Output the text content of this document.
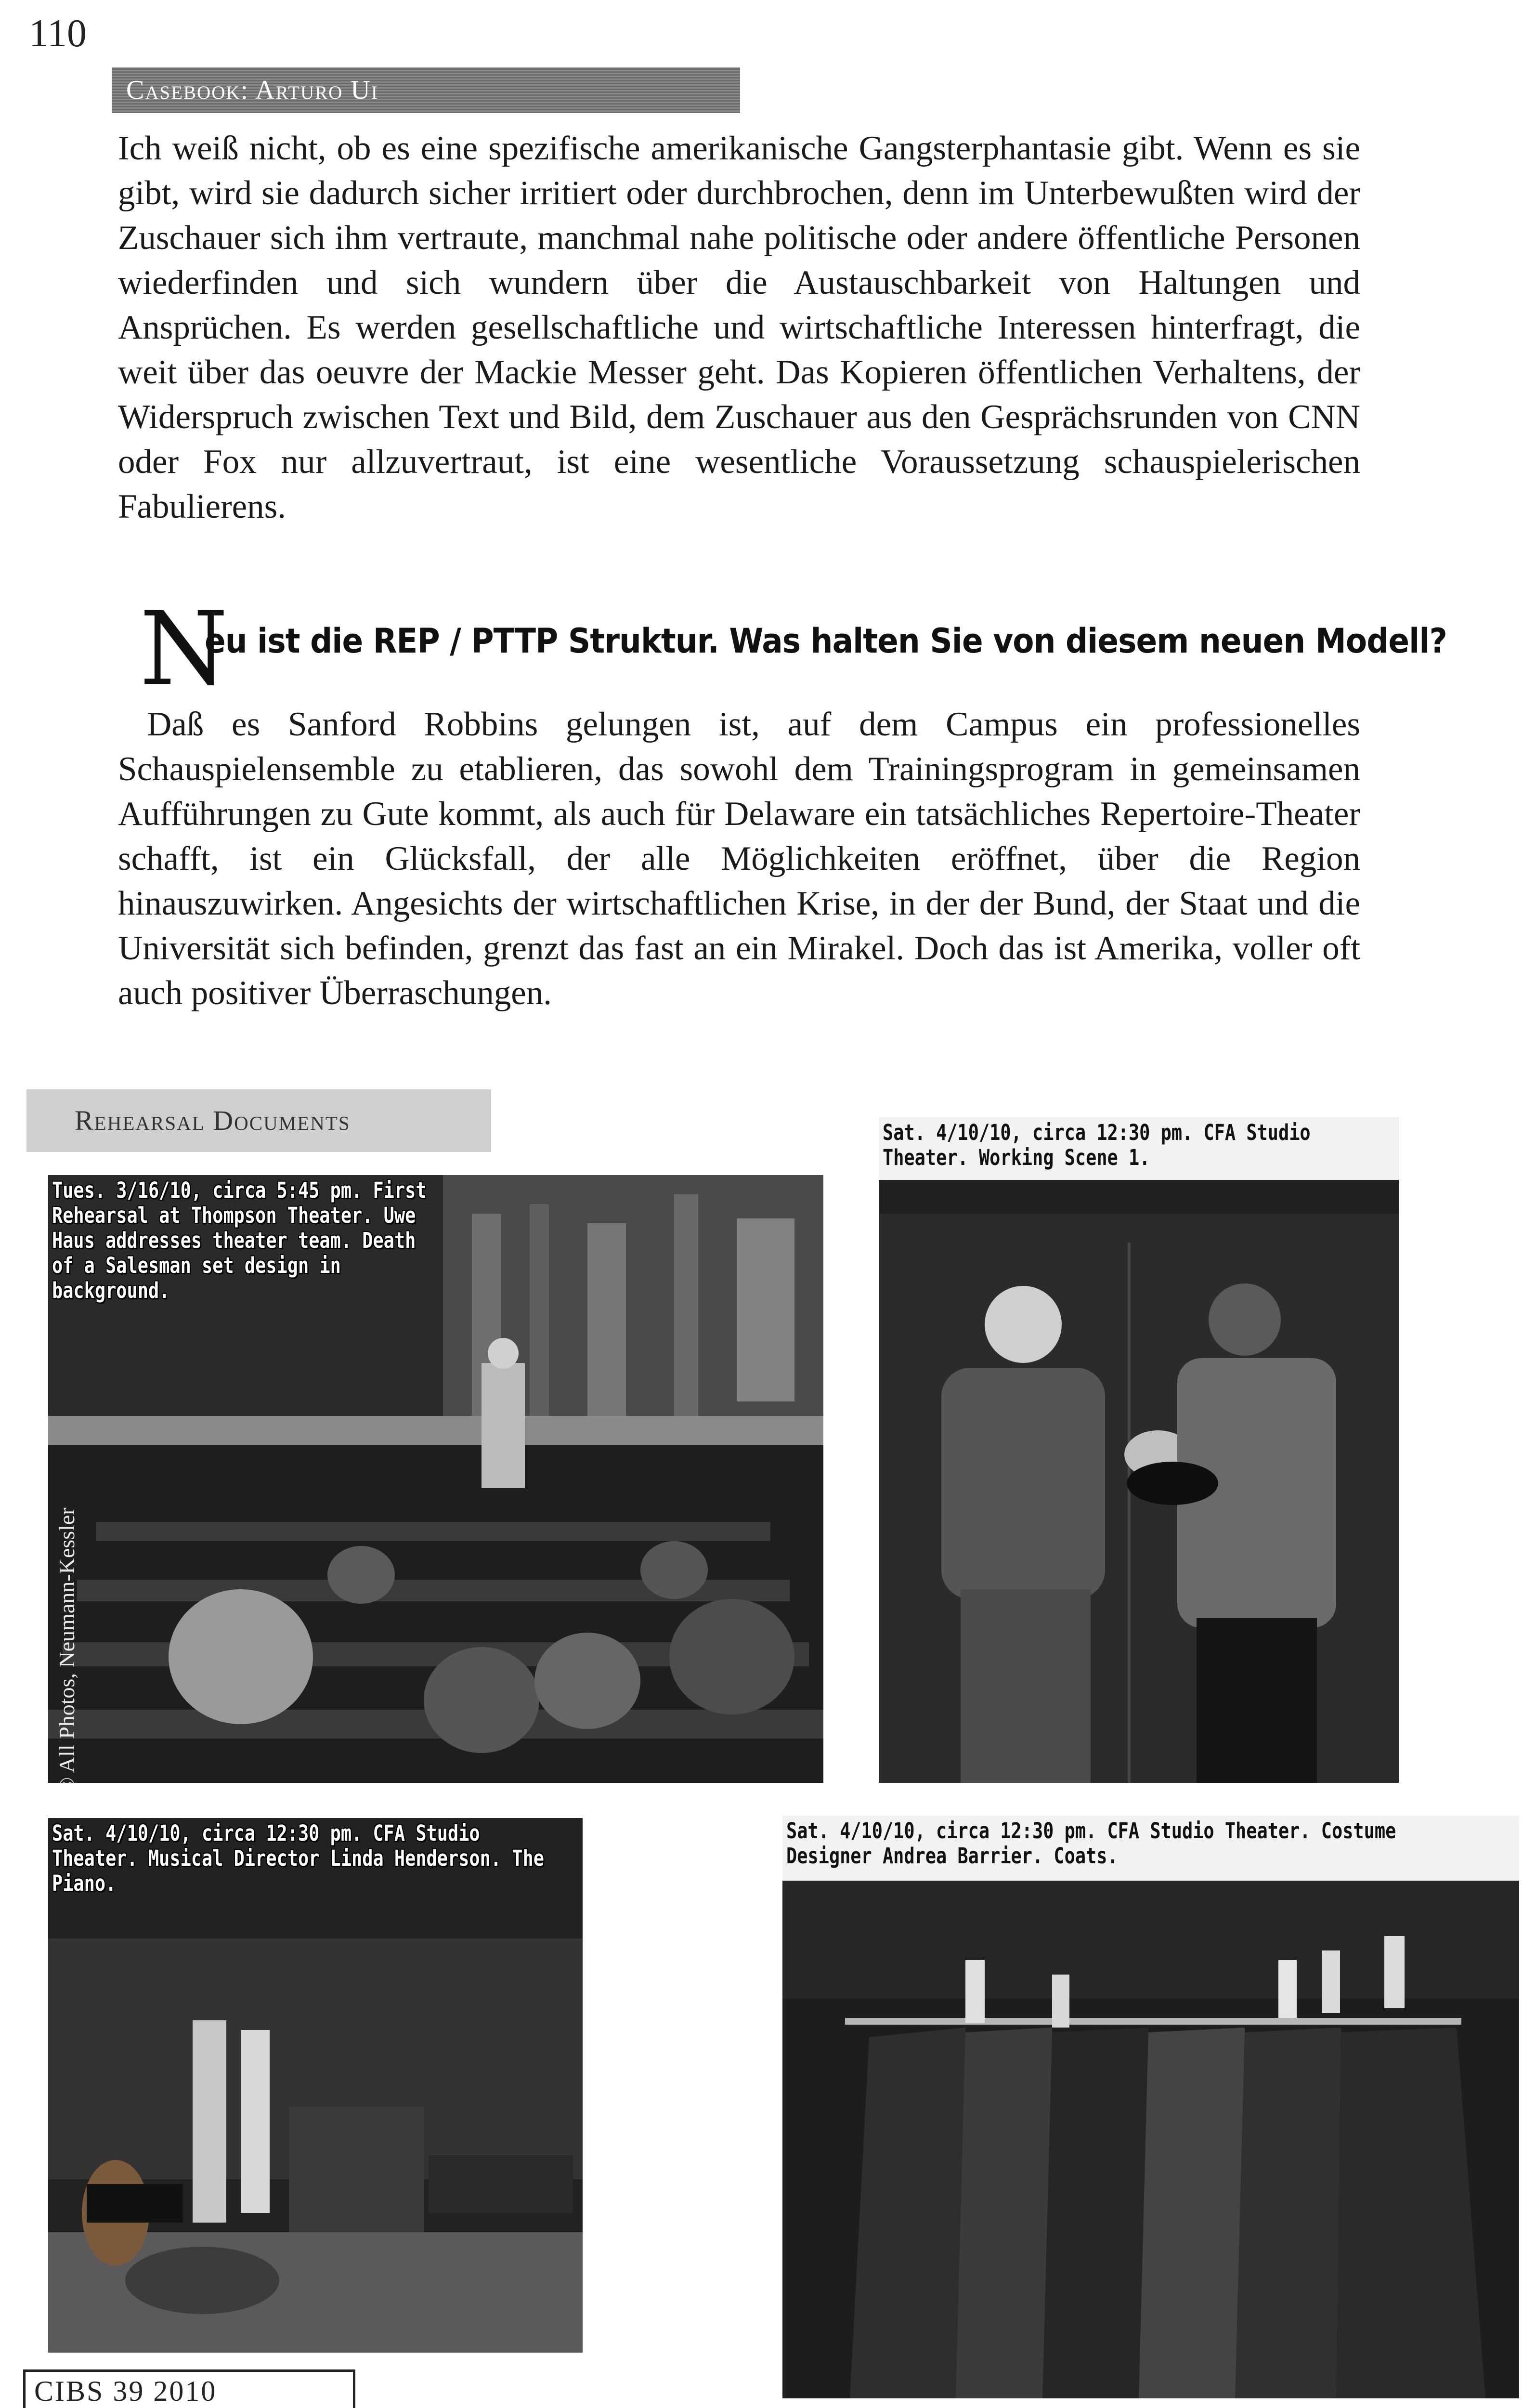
110
Casebook: Arturo Ui

Ich weiß nicht, ob es eine spezifische amerikanische Gangsterphantasie gibt. Wenn es sie gibt, wird sie dadurch sicher irritiert oder durchbrochen, denn im Unterbewußten wird der Zuschauer sich ihm vertraute, manchmal nahe politische oder andere öffentliche Personen wiederfinden und sich wundern über die Austauschbarkeit von Haltungen und Ansprüchen. Es werden gesellschaftliche und wirtschaftliche Interessen hinterfragt, die weit über das oeuvre der Mackie Messer geht. Das Kopieren öffentlichen Verhaltens, der Widerspruch zwischen Text und Bild, dem Zuschauer aus den Gesprächsrunden von CNN oder Fox nur allzuvertraut, ist eine wesentliche Voraussetzung schauspielerischen Fabulierens.

N
eu ist die REP / PTTP Struktur. Was halten Sie von diesem neuen Modell?

Daß es Sanford Robbins gelungen ist, auf dem Campus ein professionelles Schauspielensemble zu etablieren, das sowohl dem Trainingsprogram in gemeinsamen Aufführungen zu Gute kommt, als auch für Delaware ein tatsächliches Repertoire-Theater schafft, ist ein Glücksfall, der alle Möglichkeiten eröffnet, über die Region hinauszuwirken. Angesichts der wirtschaftlichen Krise, in der der Bund, der Staat und die Universität sich befinden, grenzt das fast an ein Mirakel. Doch das ist Amerika, voller oft auch positiver Überraschungen.

Rehearsal Documents
Tues. 3/16/10, circa 5:45 pm. First Rehearsal at Thompson Theater. Uwe Haus addresses theater team. Death of a Salesman set design in background.
© All Photos, Neumann-Kessler
Sat. 4/10/10, circa 12:30 pm. CFA Studio Theater. Working Scene 1.
Sat. 4/10/10, circa 12:30 pm. CFA Studio Theater. Musical Director Linda Henderson. The Piano.
Sat. 4/10/10, circa 12:30 pm. CFA Studio Theater. Costume Designer Andrea Barrier. Coats.
CIBS 39 2010
